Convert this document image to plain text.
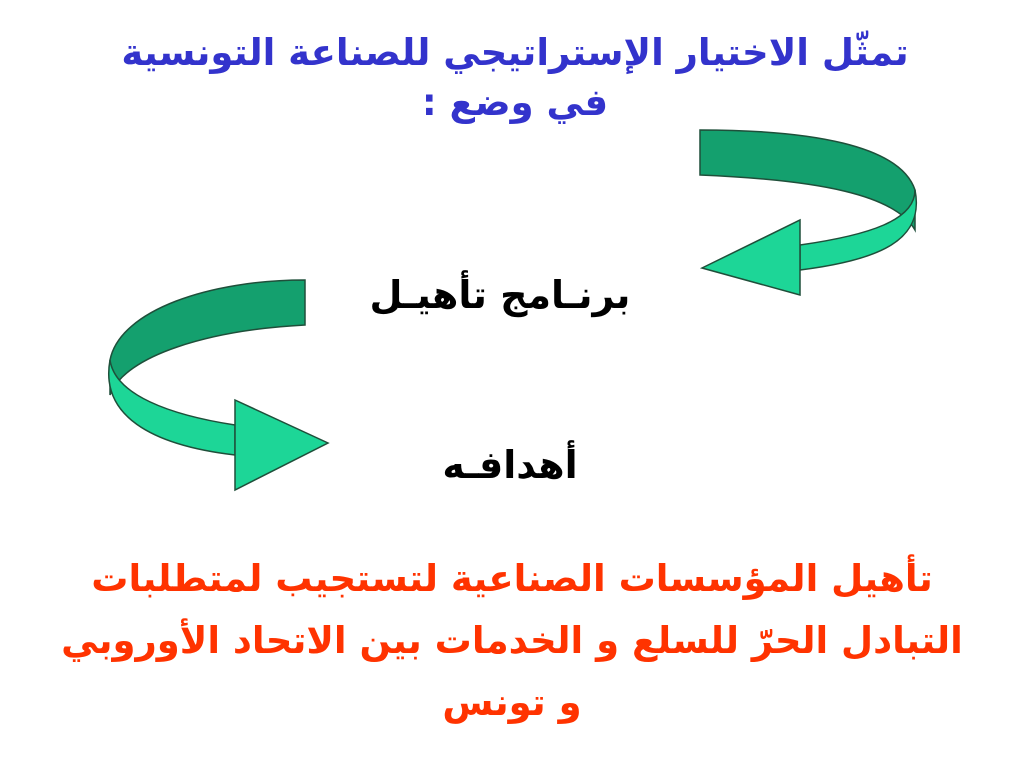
تمثّل الاختيار الإستراتيجي للصناعة التونسية
في وضع :
برنـامج تأهيـل
أهدافـه
تأهيل المؤسسات الصناعية لتستجيب لمتطلبات
التبادل الحرّ للسلع و الخدمات بين الاتحاد الأوروبي
و تونس
